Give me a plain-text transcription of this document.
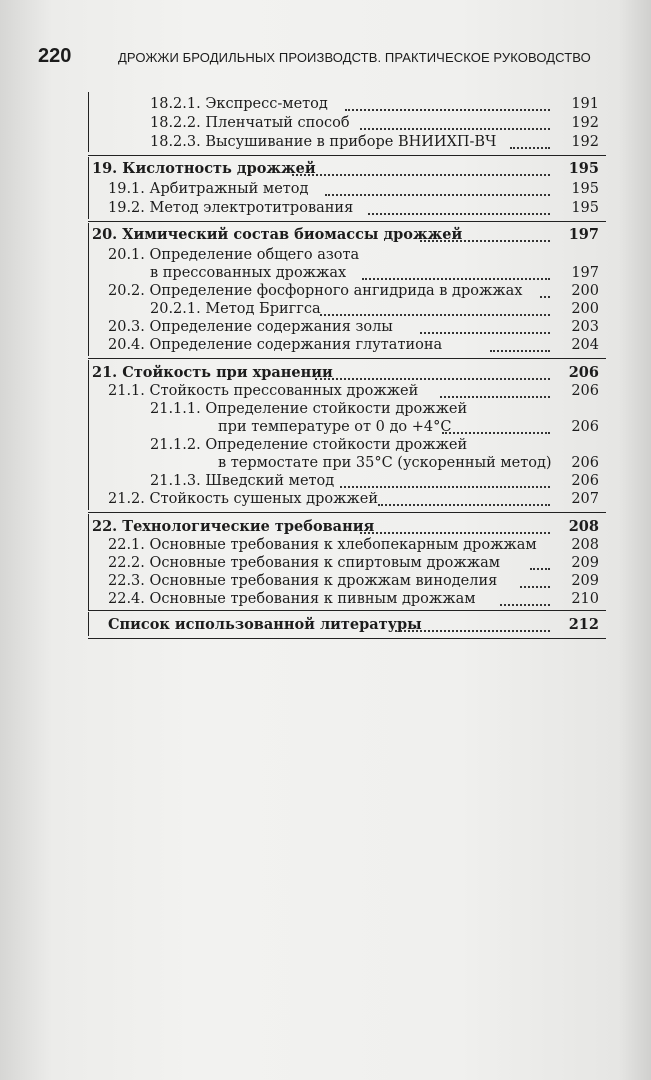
220	ДРОЖЖИ БРОДИЛЬНЫХ ПРОИЗВОДСТВ. ПРАКТИЧЕСКОЕ РУКОВОДСТВО
18.2.1. Экспресс-метод	191
18.2.2. Пленчатый способ	192
18.2.3. Высушивание в приборе ВНИИХП-ВЧ	192
19. Кислотность дрожжей	195
19.1. Арбитражный метод	195
19.2. Метод электротитрования	195
20. Химический состав биомассы дрожжей	197
20.1. Определение общего азота
в прессованных дрожжах	197
20.2. Определение фосфорного ангидрида в дрожжах	200
20.2.1. Метод Бриггса	200
20.3. Определение содержания золы	203
20.4. Определение содержания глутатиона	204
21. Стойкость при хранении	206
21.1. Стойкость прессованных дрожжей	206
21.1.1. Определение стойкости дрожжей
при температуре от 0 до +4°С	206
21.1.2. Определение стойкости дрожжей
в термостате при 35°С (ускоренный метод)	206
21.1.3. Шведский метод	206
21.2. Стойкость сушеных дрожжей	207
22. Технологические требования	208
22.1. Основные требования к хлебопекарным дрожжам	208
22.2. Основные требования к спиртовым дрожжам	209
22.3. Основные требования к дрожжам виноделия	209
22.4. Основные требования к пивным дрожжам	210
Список использованной литературы	212
